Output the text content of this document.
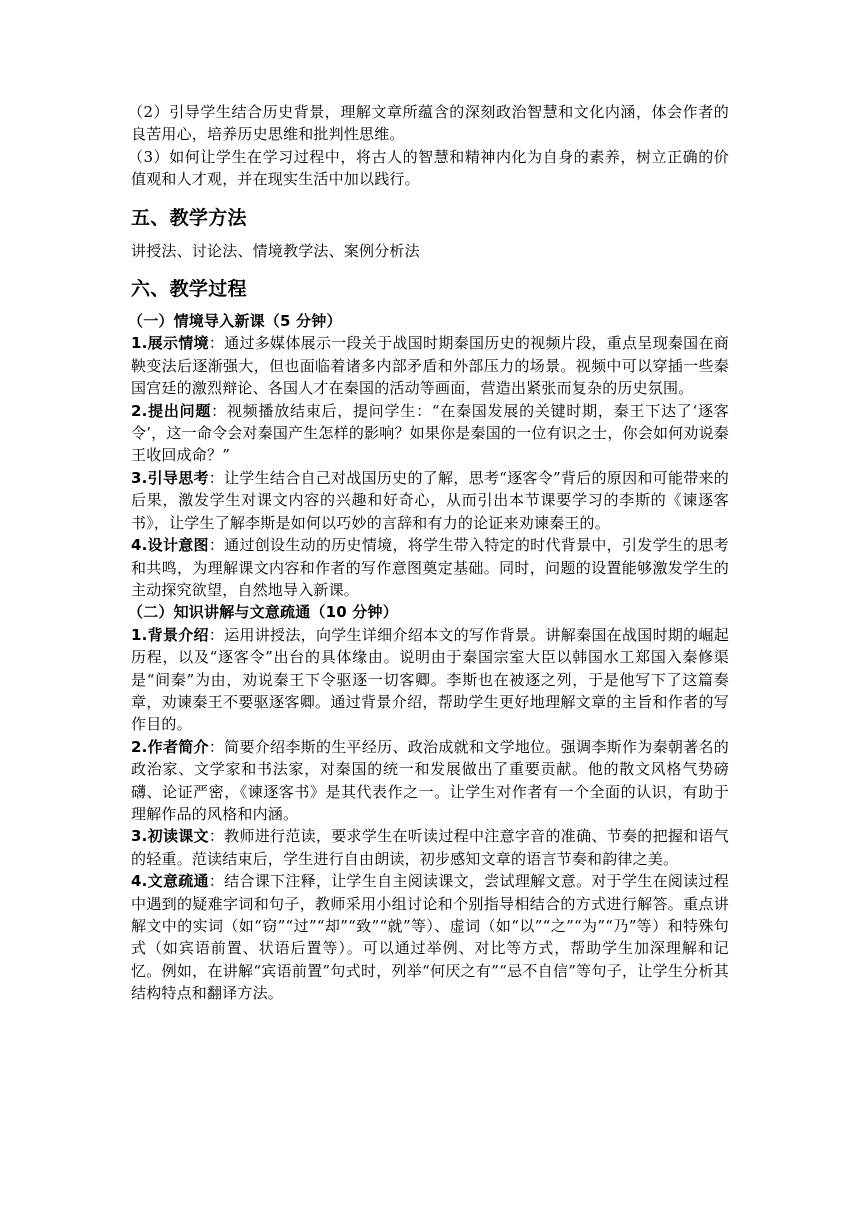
（2）引导学生结合历史背景，理解文章所蕴含的深刻政治智慧和文化内涵，体会作者的良苦用心，培养历史思维和批判性思维。

（3）如何让学生在学习过程中，将古人的智慧和精神内化为自身的素养，树立正确的价值观和人才观，并在现实生活中加以践行。

五、教学方法

讲授法、讨论法、情境教学法、案例分析法

六、教学过程
（一）情境导入新课（5 分钟）

1.展示情境：通过多媒体展示一段关于战国时期秦国历史的视频片段，重点呈现秦国在商鞅变法后逐渐强大，但也面临着诸多内部矛盾和外部压力的场景。视频中可以穿插一些秦国宫廷的激烈辩论、各国人才在秦国的活动等画面，营造出紧张而复杂的历史氛围。

2.提出问题：视频播放结束后，提问学生：“在秦国发展的关键时期，秦王下达了‘逐客令’，这一命令会对秦国产生怎样的影响？如果你是秦国的一位有识之士，你会如何劝说秦王收回成命？”

3.引导思考：让学生结合自己对战国历史的了解，思考“逐客令”背后的原因和可能带来的后果，激发学生对课文内容的兴趣和好奇心，从而引出本节课要学习的李斯的《谏逐客书》，让学生了解李斯是如何以巧妙的言辞和有力的论证来劝谏秦王的。

4.设计意图：通过创设生动的历史情境，将学生带入特定的时代背景中，引发学生的思考和共鸣，为理解课文内容和作者的写作意图奠定基础。同时，问题的设置能够激发学生的主动探究欲望，自然地导入新课。

（二）知识讲解与文意疏通（10 分钟）

1.背景介绍：运用讲授法，向学生详细介绍本文的写作背景。讲解秦国在战国时期的崛起历程，以及“逐客令”出台的具体缘由。说明由于秦国宗室大臣以韩国水工郑国入秦修渠是“间秦”为由，劝说秦王下令驱逐一切客卿。李斯也在被逐之列，于是他写下了这篇奏章，劝谏秦王不要驱逐客卿。通过背景介绍，帮助学生更好地理解文章的主旨和作者的写作目的。

2.作者简介：简要介绍李斯的生平经历、政治成就和文学地位。强调李斯作为秦朝著名的政治家、文学家和书法家，对秦国的统一和发展做出了重要贡献。他的散文风格气势磅礴、论证严密，《谏逐客书》是其代表作之一。让学生对作者有一个全面的认识，有助于理解作品的风格和内涵。

3.初读课文：教师进行范读，要求学生在听读过程中注意字音的准确、节奏的把握和语气的轻重。范读结束后，学生进行自由朗读，初步感知文章的语言节奏和韵律之美。

4.文意疏通：结合课下注释，让学生自主阅读课文，尝试理解文意。对于学生在阅读过程中遇到的疑难字词和句子，教师采用小组讨论和个别指导相结合的方式进行解答。重点讲解文中的实词（如“窃”“过”“却”“致”“就”等）、虚词（如“以”“之”“为”“乃”等）和特殊句式（如宾语前置、状语后置等）。可以通过举例、对比等方式，帮助学生加深理解和记忆。例如，在讲解“宾语前置”句式时，列举“何厌之有”“忌不自信”等句子，让学生分析其结构特点和翻译方法。
